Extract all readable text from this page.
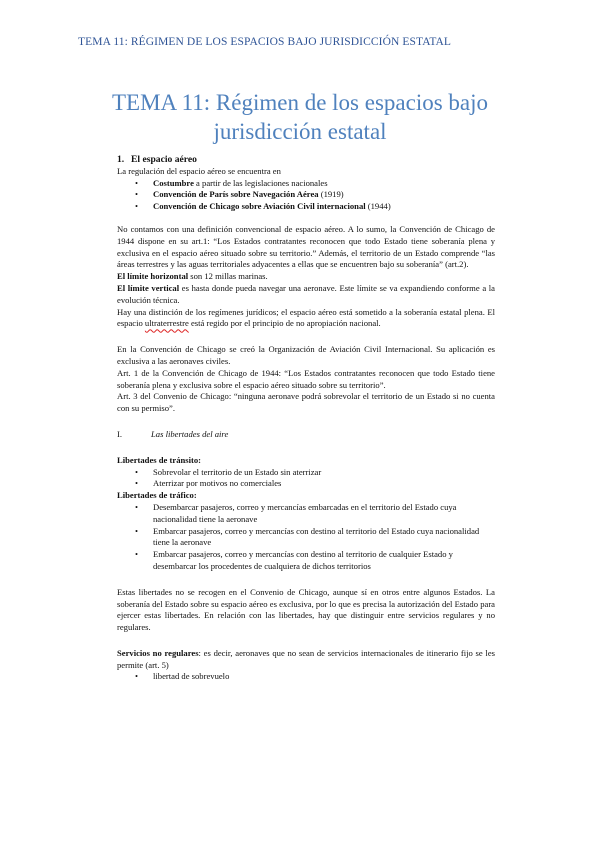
TEMA 11: RÉGIMEN DE LOS ESPACIOS BAJO JURISDICCIÓN ESTATAL
TEMA 11: Régimen de los espacios bajo
jurisdicción estatal

1. El espacio aéreo

La regulación del espacio aéreo se encuentra en

• Costumbre a partir de las legislaciones nacionales
• Convención de París sobre Navegación Aérea (1919)
• Convención de Chicago sobre Aviación Civil internacional (1944)

No contamos con una definición convencional de espacio aéreo. A lo sumo, la Convención de Chicago de 1944 dispone en su art.1: “Los Estados contratantes reconocen que todo Estado tiene soberanía plena y exclusiva en el espacio aéreo situado sobre su territorio.” Además, el territorio de un Estado comprende “las áreas terrestres y las aguas territoriales adyacentes a ellas que se encuentren bajo su soberanía” (art.2).

El límite horizontal son 12 millas marinas.

El límite vertical es hasta donde pueda navegar una aeronave. Este límite se va expandiendo conforme a la evolución técnica.

Hay una distinción de los regímenes jurídicos; el espacio aéreo está sometido a la soberanía estatal plena. El espacio ultraterrestre está regido por el principio de no apropiación nacional.

En la Convención de Chicago se creó la Organización de Aviación Civil Internacional. Su aplicación es exclusiva a las aeronaves civiles.

Art. 1 de la Convención de Chicago de 1944: “Los Estados contratantes reconocen que todo Estado tiene soberanía plena y exclusiva sobre el espacio aéreo situado sobre su territorio”.

Art. 3 del Convenio de Chicago: “ninguna aeronave podrá sobrevolar el territorio de un Estado si no cuenta con su permiso”.

I.	Las libertades del aire

Libertades de tránsito:

• Sobrevolar el territorio de un Estado sin aterrizar
• Aterrizar por motivos no comerciales

Libertades de tráfico:

• Desembarcar pasajeros, correo y mercancías embarcadas en el territorio del Estado cuya nacionalidad tiene la aeronave
• Embarcar pasajeros, correo y mercancías con destino al territorio del Estado cuya nacionalidad tiene la aeronave
• Embarcar pasajeros, correo y mercancías con destino al territorio de cualquier Estado y desembarcar los procedentes de cualquiera de dichos territorios

Estas libertades no se recogen en el Convenio de Chicago, aunque sí en otros entre algunos Estados. La soberanía del Estado sobre su espacio aéreo es exclusiva, por lo que es precisa la autorización del Estado para ejercer estas libertades. En relación con las libertades, hay que distinguir entre servicios regulares y no regulares.

Servicios no regulares: es decir, aeronaves que no sean de servicios internacionales de itinerario fijo se les permite (art. 5)

• libertad de sobrevuelo
